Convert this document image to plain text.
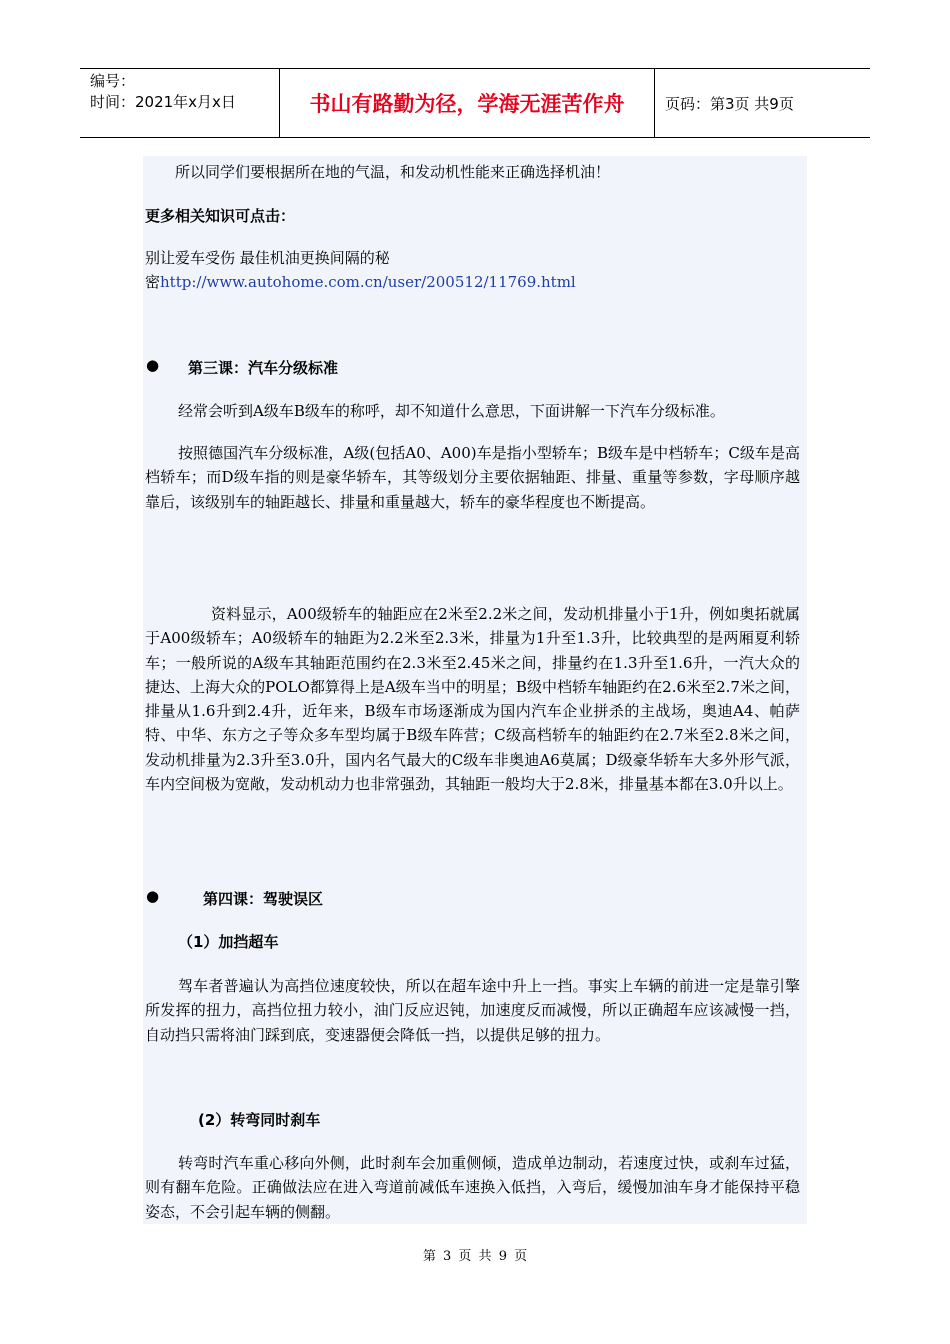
编号：
时间：2021年x月x日	书山有路勤为径，学海无涯苦作舟	页码：第3页 共9页

所以同学们要根据所在地的气温，和发动机性能来正确选择机油！

更多相关知识可点击：

别让爱车受伤 最佳机油更换间隔的秘
密http://www.autohome.com.cn/user/200512/11769.html

● 第三课：汽车分级标准

经常会听到A级车B级车的称呼，却不知道什么意思，下面讲解一下汽车分级标准。

按照德国汽车分级标准，A级(包括A0、A00)车是指小型轿车；B级车是中档轿车；C级车是高档轿车；而D级车指的则是豪华轿车，其等级划分主要依据轴距、排量、重量等参数，字母顺序越靠后，该级别车的轴距越长、排量和重量越大，轿车的豪华程度也不断提高。

资料显示，A00级轿车的轴距应在2米至2.2米之间，发动机排量小于1升，例如奥拓就属于A00级轿车；A0级轿车的轴距为2.2米至2.3米，排量为1升至1.3升，比较典型的是两厢夏利轿车；一般所说的A级车其轴距范围约在2.3米至2.45米之间，排量约在1.3升至1.6升，一汽大众的捷达、上海大众的POLO都算得上是A级车当中的明星；B级中档轿车轴距约在2.6米至2.7米之间，排量从1.6升到2.4升，近年来，B级车市场逐渐成为国内汽车企业拼杀的主战场，奥迪A4、帕萨特、中华、东方之子等众多车型均属于B级车阵营；C级高档轿车的轴距约在2.7米至2.8米之间，发动机排量为2.3升至3.0升，国内名气最大的C级车非奥迪A6莫属；D级豪华轿车大多外形气派，车内空间极为宽敞，发动机动力也非常强劲，其轴距一般均大于2.8米，排量基本都在3.0升以上。

●	第四课：驾驶误区

（1）加挡超车

驾车者普遍认为高挡位速度较快，所以在超车途中升上一挡。事实上车辆的前进一定是靠引擎所发挥的扭力，高挡位扭力较小，油门反应迟钝，加速度反而减慢，所以正确超车应该减慢一挡，自动挡只需将油门踩到底，变速器便会降低一挡，以提供足够的扭力。

(2）转弯同时刹车

转弯时汽车重心移向外侧，此时刹车会加重侧倾，造成单边制动，若速度过快，或刹车过猛，则有翻车危险。正确做法应在进入弯道前减低车速换入低挡，入弯后，缓慢加油车身才能保持平稳姿态，不会引起车辆的侧翻。

第 3 页 共 9 页
